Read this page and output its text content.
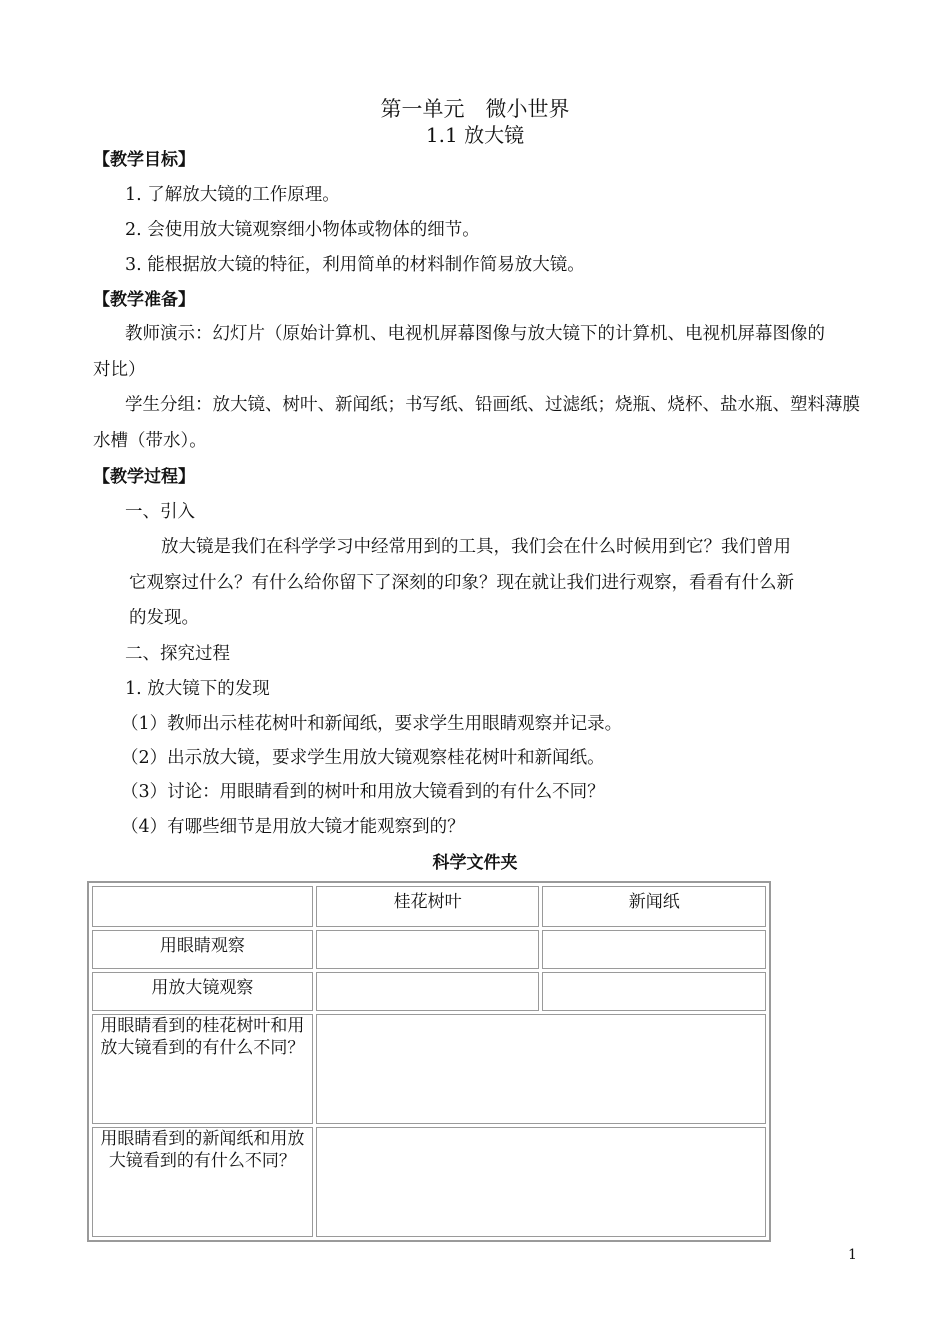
第一单元　微小世界
1.1 放大镜
【教学目标】
1. 了解放大镜的工作原理。
2. 会使用放大镜观察细小物体或物体的细节。
3. 能根据放大镜的特征，利用简单的材料制作简易放大镜。
【教学准备】
教师演示：幻灯片（原始计算机、电视机屏幕图像与放大镜下的计算机、电视机屏幕图像的
对比）
学生分组：放大镜、树叶、新闻纸；书写纸、铅画纸、过滤纸；烧瓶、烧杯、盐水瓶、塑料薄膜
水槽（带水）。
【教学过程】
一、引入
放大镜是我们在科学学习中经常用到的工具，我们会在什么时候用到它？我们曾用
它观察过什么？有什么给你留下了深刻的印象？现在就让我们进行观察，看看有什么新
的发现。
二、探究过程
1. 放大镜下的发现
（1）教师出示桂花树叶和新闻纸，要求学生用眼睛观察并记录。
（2）出示放大镜，要求学生用放大镜观察桂花树叶和新闻纸。
（3）讨论：用眼睛看到的树叶和用放大镜看到的有什么不同？
（4）有哪些细节是用放大镜才能观察到的？
科学文件夹
	桂花树叶	新闻纸
用眼睛观察		
用放大镜观察		
用眼睛看到的桂花树叶和用放大镜看到的有什么不同？		
用眼睛看到的新闻纸和用放大镜看到的有什么不同？		
1
